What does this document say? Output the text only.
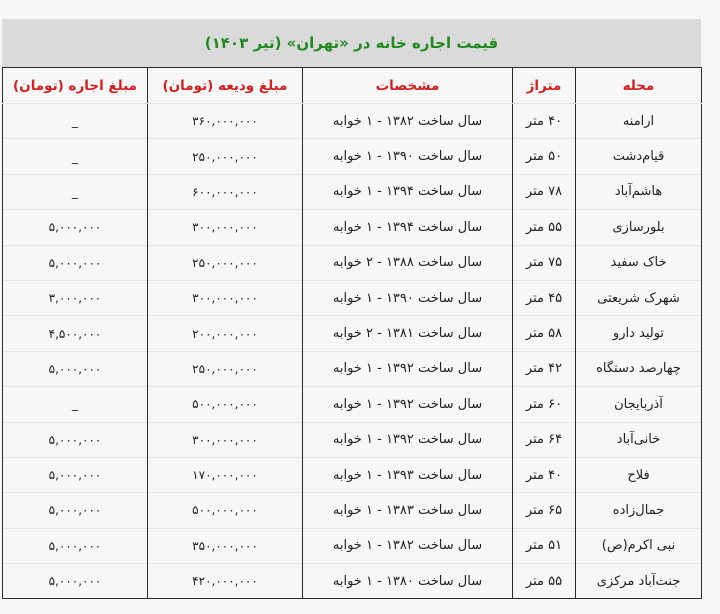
قیمت اجاره خانه در «تهران» (تیر ۱۴۰۳)
محله	متراژ	مشخصات	مبلغ ودیعه (تومان)	مبلغ اجاره (تومان)
ارامنه	۴۰ متر	سال ساخت ۱۳۸۲ - ۱ خوابه	۳۶۰,۰۰۰,۰۰۰	_
قیام‌دشت	۵۰ متر	سال ساخت ۱۳۹۰ - ۱ خوابه	۲۵۰,۰۰۰,۰۰۰	_
هاشم‌آباد	۷۸ متر	سال ساخت ۱۳۹۴ - ۱ خوابه	۶۰۰,۰۰۰,۰۰۰	_
بلورسازی	۵۵ متر	سال ساخت ۱۳۹۴ - ۱ خوابه	۳۰۰,۰۰۰,۰۰۰	۵,۰۰۰,۰۰۰
خاک سفید	۷۵ متر	سال ساخت ۱۳۸۸ - ۲ خوابه	۲۵۰,۰۰۰,۰۰۰	۵,۰۰۰,۰۰۰
شهرک شریعتی	۴۵ متر	سال ساخت ۱۳۹۰ - ۱ خوابه	۳۰۰,۰۰۰,۰۰۰	۳,۰۰۰,۰۰۰
تولید دارو	۵۸ متر	سال ساخت ۱۳۸۱ - ۲ خوابه	۲۰۰,۰۰۰,۰۰۰	۴,۵۰۰,۰۰۰
چهارصد دستگاه	۴۲ متر	سال ساخت ۱۳۹۲ - ۱ خوابه	۲۵۰,۰۰۰,۰۰۰	۵,۰۰۰,۰۰۰
آذربایجان	۶۰ متر	سال ساخت ۱۳۹۲ - ۱ خوابه	۵۰۰,۰۰۰,۰۰۰	_
خانی‌آباد	۶۴ متر	سال ساخت ۱۳۹۲ - ۱ خوابه	۳۰۰,۰۰۰,۰۰۰	۵,۰۰۰,۰۰۰
فلاح	۴۰ متر	سال ساخت ۱۳۹۳ - ۱ خوابه	۱۷۰,۰۰۰,۰۰۰	۵,۰۰۰,۰۰۰
جمال‌زاده	۶۵ متر	سال ساخت ۱۳۸۳ - ۱ خوابه	۵۰۰,۰۰۰,۰۰۰	۵,۰۰۰,۰۰۰
نبی اکرم(ص)	۵۱ متر	سال ساخت ۱۳۸۲ - ۱ خوابه	۳۵۰,۰۰۰,۰۰۰	۵,۰۰۰,۰۰۰
جنت‌آباد مرکزی	۵۵ متر	سال ساخت ۱۳۸۰ - ۱ خوابه	۴۲۰,۰۰۰,۰۰۰	۵,۰۰۰,۰۰۰
